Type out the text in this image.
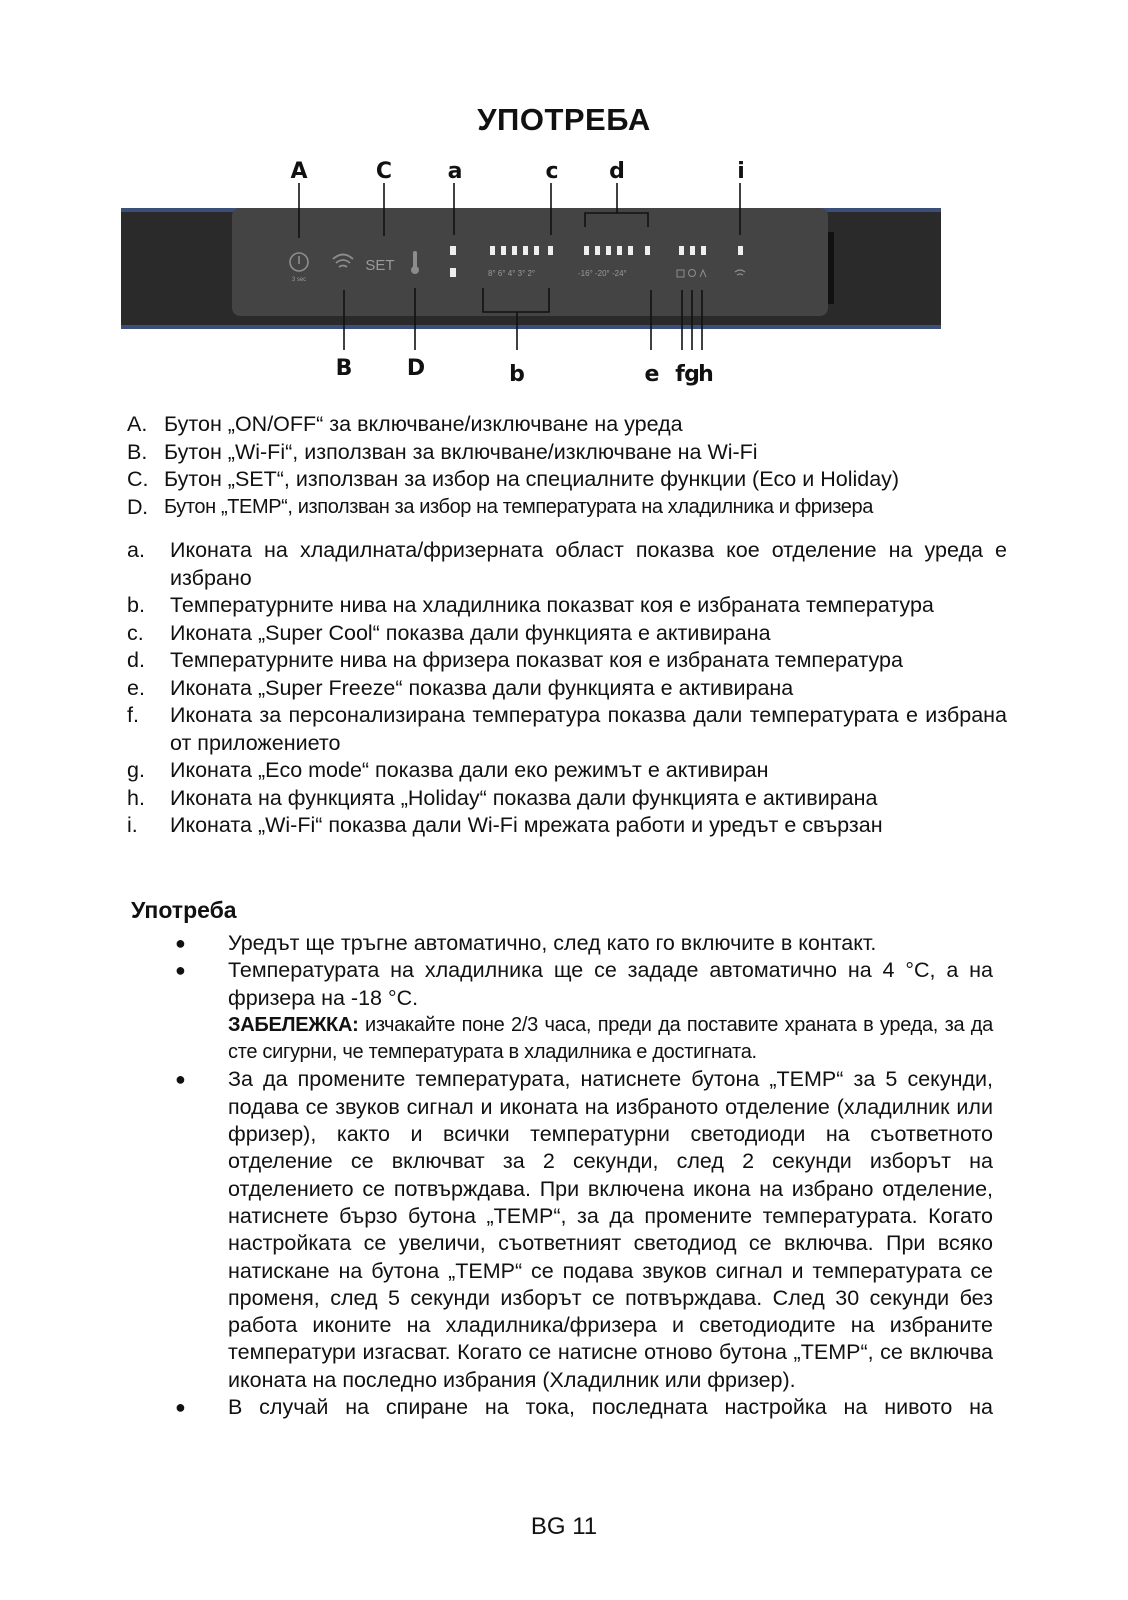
УПОТРЕБА
3 sec
SET	8° 6° 4° 3° 2°	-16° -20° -24°
A	C	a	c d	i
B D	b	e f g
h
A. Бутон „ON/OFF“ за включване/изключване на уреда
B. Бутон „Wi-Fi“, използван за включване/изключване на Wi-Fi
C. Бутон „SET“, използван за избор на специалните функции (Eco и Holiday)
D. Бутон „TEMP“, използван за избор на температурата на хладилника и фризера
a. Иконата на хладилната/фризерната област показва кое отделение на уреда е избрано
b. Температурните нива на хладилника показват коя е избраната температура
c. Иконата „Super Cool“ показва дали функцията е активирана
d. Температурните нива на фризера показват коя е избраната температура
e. Иконата „Super Freeze“ показва дали функцията е активирана
f. Иконата за персонализирана температура показва дали температурата е избрана от приложението
g. Иконата „Eco mode“ показва дали еко режимът е активиран
h. Иконата на функцията „Holiday“ показва дали функцията е активирана
i. Иконата „Wi-Fi“ показва дали Wi-Fi мрежата работи и уредът е свързан
Употреба
● Уредът ще тръгне автоматично, след като го включите в контакт.
● Температурата на хладилника ще се зададе автоматично на 4 °C, а на фризера на -18 °C.
ЗАБЕЛЕЖКА: изчакайте поне 2/3 часа, преди да поставите храната в уреда, за да сте сигурни, че температурата в хладилника е достигната.
● За да промените температурата, натиснете бутона „TEMP“ за 5 секунди, подава се звуков сигнал и иконата на избраното отделение (хладилник или фризер), както и всички температурни светодиоди на съответното отделение се включват за 2 секунди, след 2 секунди изборът на отделението се потвърждава. При включена икона на избрано отделение, натиснете бързо бутона „TEMP“, за да промените температурата. Когато настройката се увеличи, съответният светодиод се включва. При всяко натискане на бутона „TEMP“ се подава звуков сигнал и температурата се променя, след 5 секунди изборът се потвърждава. След 30 секунди без работа иконите на хладилника/фризера и светодиодите на избраните температури изгасват. Когато се натисне отново бутона „TEMP“, се включва иконата на последно избрания (Хладилник или фризер).
● В случай на спиране на тока, последната настройка на нивото на
BG 11
